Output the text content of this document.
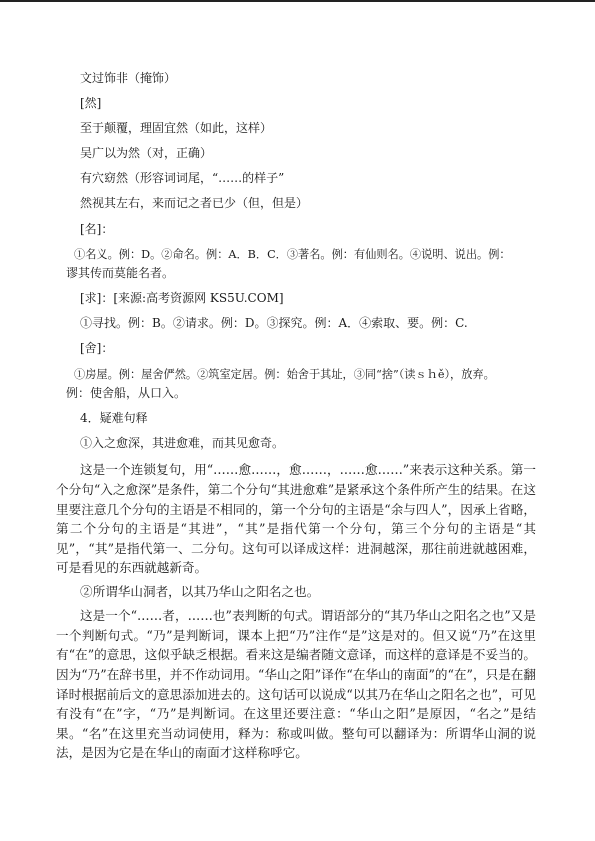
文过饰非（掩饰）
[然]
至于颠覆，理固宜然（如此，这样）
吴广以为然（对，正确）
有穴窈然（形容词词尾，“……的样子”
然视其左右，来而记之者已少（但，但是）
[名]：
①名义。例：D。②命名。例：A．B．C．③著名。例：有仙则名。④说明、说出。例：
谬其传而莫能名者。
[求]：[来源:高考资源网 KS5U.COM]
①寻找。例：B。②请求。例：D。③探究。例：A．④索取、要。例：C.
[舍]：
①房屋。例：屋舍俨然。②筑室定居。例：始舍于其址，③同“捨”（读ｓｈě），放弃。
例：使舍船，从口入。
4．疑难句释
①入之愈深，其进愈难，而其见愈奇。
这是一个连锁复句，用“……愈……，愈……，……愈……”来表示这种关系。第一个分句“入之愈深”是条件，第二个分句“其进愈难”是紧承这个条件所产生的结果。在这里要注意几个分句的主语是不相同的，第一个分句的主语是“余与四人”，因承上省略，第二个分句的主语是“其进”，“其”是指代第一个分句，第三个分句的主语是“其见”，“其”是指代第一、二分句。这句可以译成这样：进洞越深，那往前进就越困难，可是看见的东西就越新奇。
②所谓华山洞者，以其乃华山之阳名之也。
这是一个“……者，……也”表判断的句式。谓语部分的“其乃华山之阳名之也”又是一个判断句式。“乃”是判断词，课本上把“乃”注作“是”这是对的。但又说“乃”在这里有“在”的意思，这似乎缺乏根据。看来这是编者随文意译，而这样的意译是不妥当的。因为“乃”在辞书里，并不作动词用。“华山之阳”译作“在华山的南面”的“在”，只是在翻译时根据前后文的意思添加进去的。这句话可以说成“以其乃在华山之阳名之也”，可见有没有“在”字，“乃”是判断词。在这里还要注意：“华山之阳”是原因，“名之”是结果。“名”在这里充当动词使用，释为：称或叫做。整句可以翻译为：所谓华山洞的说法，是因为它是在华山的南面才这样称呼它。
